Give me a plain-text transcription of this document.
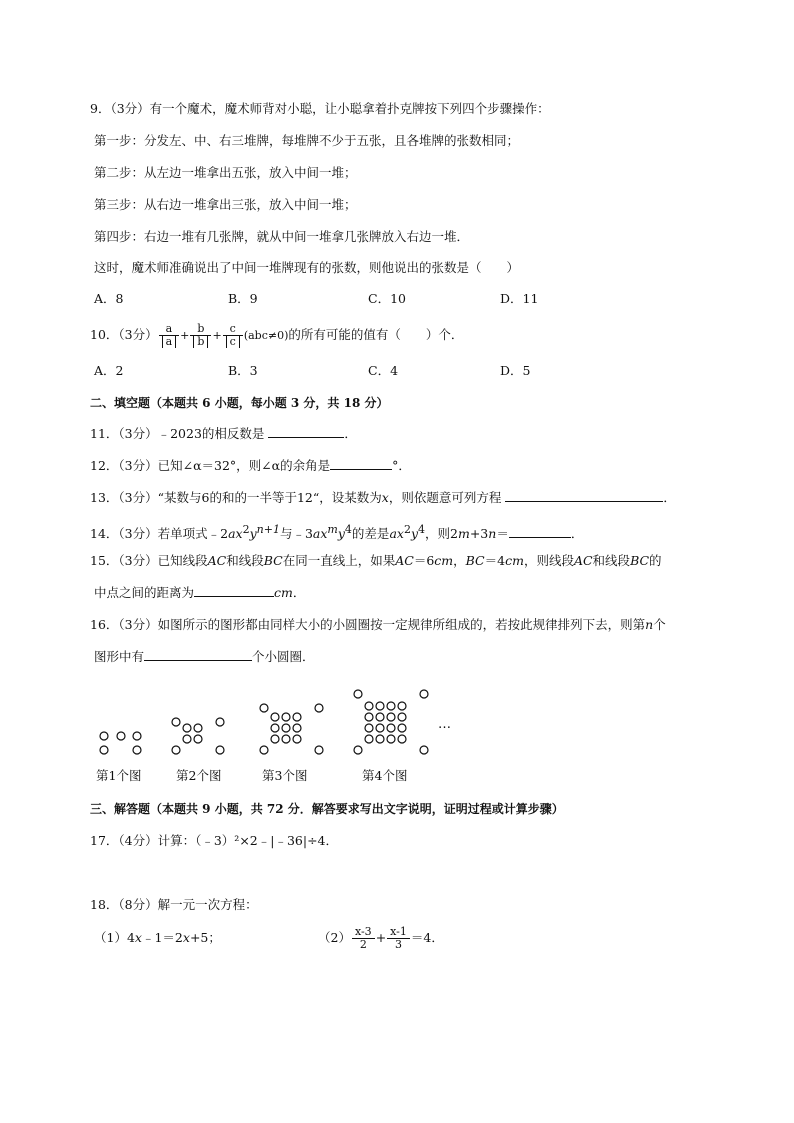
9．（3分）有一个魔术，魔术师背对小聪，让小聪拿着扑克牌按下列四个步骤操作：
第一步：分发左、中、右三堆牌，每堆牌不少于五张，且各堆牌的张数相同；
第二步：从左边一堆拿出五张，放入中间一堆；
第三步：从右边一堆拿出三张，放入中间一堆；
第四步：右边一堆有几张牌，就从中间一堆拿几张牌放入右边一堆．
这时，魔术师准确说出了中间一堆牌现有的张数，则他说出的张数是（　　）
A．8	B．9	C．10	D．11
10．（3分） $\frac{a}{a} + \frac{b}{b} + \frac{c}{c} (abc\ne 0)$的所有可能的值有（　　）个．
A．2	B．3	C．4	D．5
二、填空题（本题共 6 小题，每小题 3 分，共 18 分）
11．（3分）﹣2023的相反数是	．
12．（3分）已知∠α＝32°，则∠α的余角是	°．
13．（3分）“某数与6的和的一半等于12“，设某数为x，则依题意可列方程	．
14．（3分）若单项式$﹣2ax^2y^{n+1}$与$﹣3ax^my^4$的差是$ax^2y^4$，则2m+3n＝	．
15．（3分）已知线段AC和线段BC在同一直线上，如果AC＝6cm，BC＝4cm，则线段AC和线段BC的
中点之间的距离为	cm．
16．（3分）如图所示的图形都由同样大小的小圆圈按一定规律所组成的，若按此规律排列下去，则第n个
图形中有	个小圆圈．
…
第1个图	第2个图	第3个图	第4个图
三、解答题（本题共 9 小题，共 72 分．解答要求写出文字说明，证明过程或计算步骤）
17．（4分）计算：（﹣3）²×2﹣|﹣36|÷4．
18．（8分）解一元一次方程：
（1）4x﹣1＝2x+5；	$(2) \frac{x-3}{2} + \frac{x-1}{3} =4$．
